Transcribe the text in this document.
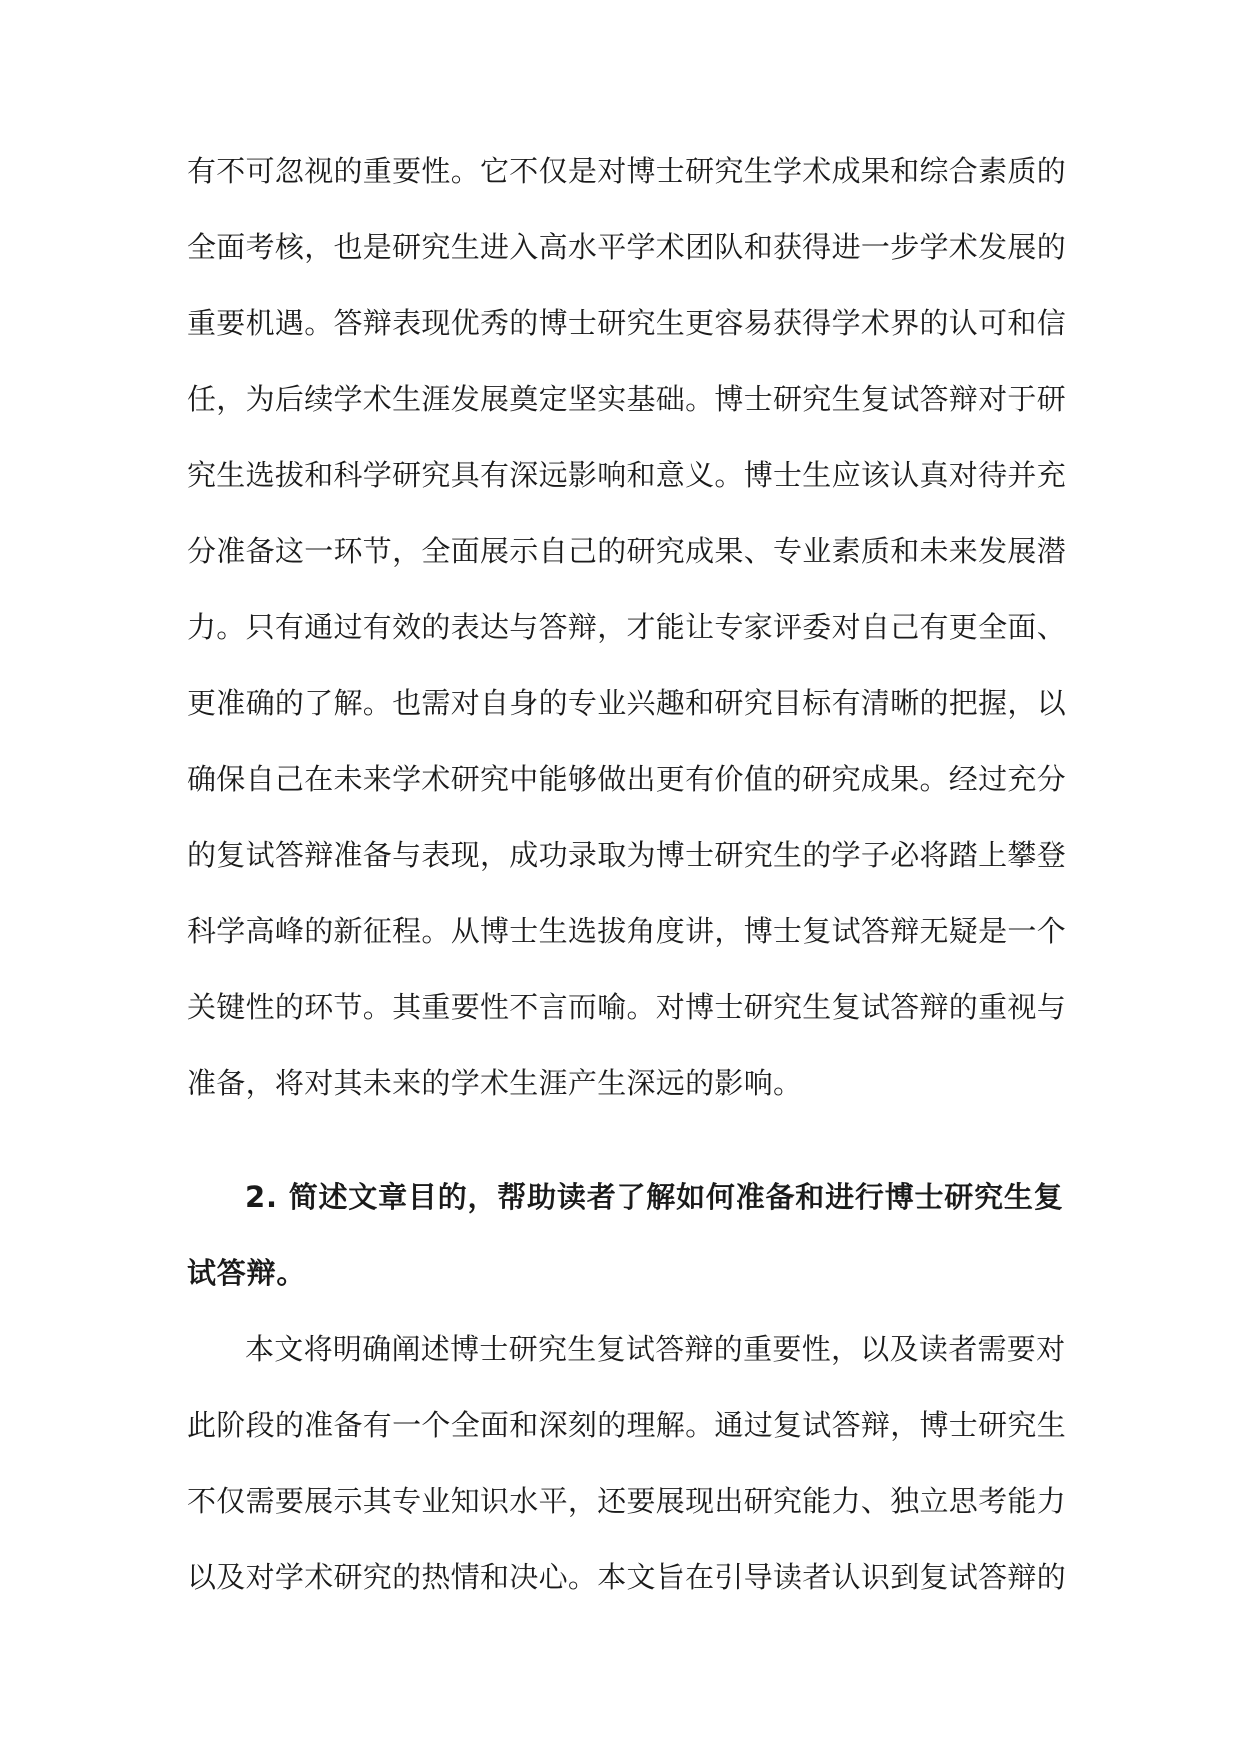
有不可忽视的重要性。它不仅是对博士研究生学术成果和综合素质的
全面考核，也是研究生进入高水平学术团队和获得进一步学术发展的
重要机遇。答辩表现优秀的博士研究生更容易获得学术界的认可和信
任，为后续学术生涯发展奠定坚实基础。博士研究生复试答辩对于研
究生选拔和科学研究具有深远影响和意义。博士生应该认真对待并充
分准备这一环节，全面展示自己的研究成果、专业素质和未来发展潜
力。只有通过有效的表达与答辩，才能让专家评委对自己有更全面、
更准确的了解。也需对自身的专业兴趣和研究目标有清晰的把握，以
确保自己在未来学术研究中能够做出更有价值的研究成果。经过充分
的复试答辩准备与表现，成功录取为博士研究生的学子必将踏上攀登
科学高峰的新征程。从博士生选拔角度讲，博士复试答辩无疑是一个
关键性的环节。其重要性不言而喻。对博士研究生复试答辩的重视与
准备，将对其未来的学术生涯产生深远的影响。
2. 简述文章目的，帮助读者了解如何准备和进行博士研究生复
试答辩。
本文将明确阐述博士研究生复试答辩的重要性，以及读者需要对
此阶段的准备有一个全面和深刻的理解。通过复试答辩，博士研究生
不仅需要展示其专业知识水平，还要展现出研究能力、独立思考能力
以及对学术研究的热情和决心。本文旨在引导读者认识到复试答辩的
